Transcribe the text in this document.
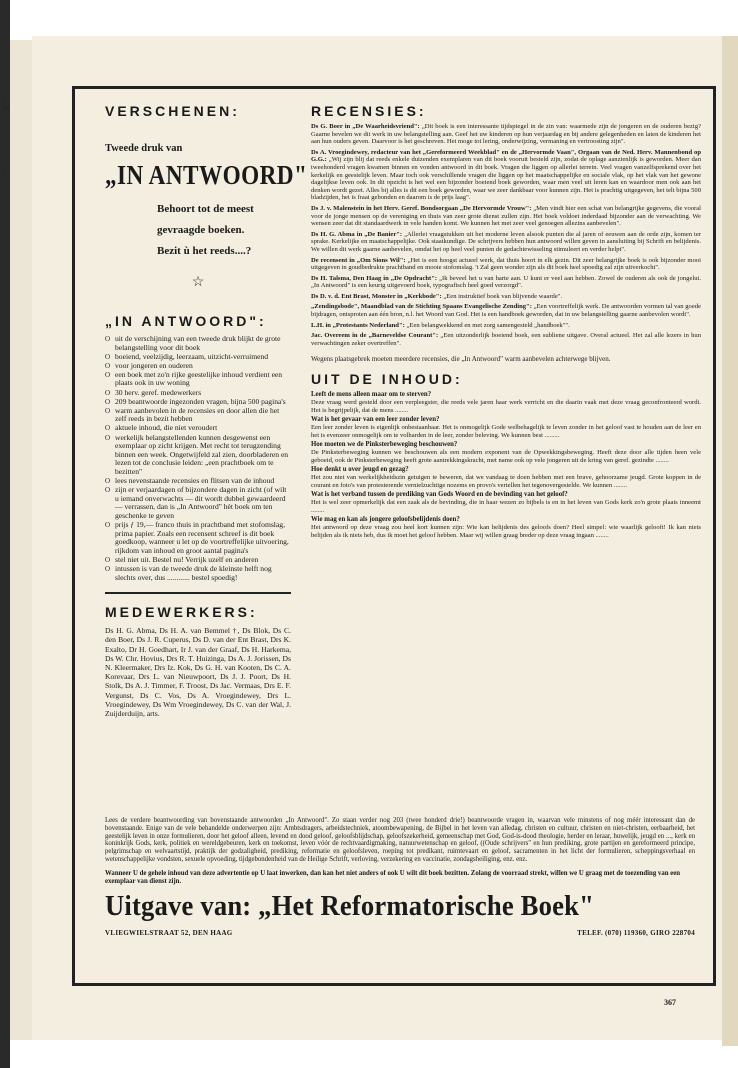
t,
De
t.
VERSCHENEN:
Tweede druk van
„IN ANTWOORD"
Behoort tot de meest
gevraagde boeken.
Bezit ù het reeds....?
☆
„IN ANTWOORD":
O uit de verschijning van een tweede druk blijkt de grote belangstelling voor dit boek
O boeiend, veelzijdig, leerzaam, uitzicht-verruimend
O voor jongeren en ouderen
O een boek met zo'n rijke geestelijke inhoud verdient een plaats ook in uw woning
O 30 herv. geref. medewerkers
O 209 beantwoorde ingezonden vragen, bijna 500 pagina's
O warm aanbevolen in de recensies en door allen die het zelf reeds in bezit hebben
O aktuele inhoud, die niet veroudert
O werkelijk belangstellenden kunnen desgewenst een exemplaar op zicht krijgen. Met recht tot terugzending binnen een week. Ongetwijfeld zal zien, doorbladeren en lezen tot de conclusie leiden: „een prachtboek om te bezitten"
O lees nevenstaande recensies en flitsen van de inhoud
O zijn er verjaardagen of bijzondere dagen in zicht (of wilt u iemand onverwachts — dit wordt dubbel gewaardeerd — verrassen, dan is „In Antwoord" hèt boek om ten geschenke te geven
O prijs ƒ 19,— franco thuis in prachtband met stofomslag, prima papier. Zoals een recensent schreef is dit boek goedkoop, wanneer u let op de voortreffelijke uitvoering, rijkdom van inhoud en groot aantal pagina's
O stel niet uit. Bestel nu! Verrijk uzelf en anderen
O intussen is van de tweede druk de kleinste helft nog slechts over, dus ............ bestel spoedig!
MEDEWERKERS:
Ds H. G. Abma, Ds H. A. van Bemmel †, Ds Blok, Ds C. den Boer, Ds J. R. Cuperus, Ds D. van der Ent Brast, Drs K. Exalto, Dr H. Goedhart, Ir J. van der Graaf, Ds H. Harkema, Ds W. Chr. Hovius, Drs R. T. Huizinga, Ds A. J. Jorissen, Ds N. Kleermaker, Drs Iz. Kok, Ds G. H. van Kooten, Ds C. A. Korevaar, Drs L. van Nieuwpoort, Ds J. J. Poort, Ds H. Stolk, Ds A. J. Timmer, F. Troost, Ds Jac. Vermaas, Drs E. F. Vergunst, Ds C. Vos, Ds A. Vroegindewey, Drs L. Vroegindewey, Ds Wm Vroegindewey, Ds C. van der Wal, J. Zuijderduijn, arts.
RECENSIES:

Ds G. Boer in „De Waarheidsvriend": „Dit boek is een interessante tijdspiegel in de zin van: waarmede zijn de jongeren en de ouderen bezig? Gaarne bevelen we dit werk in uw belangstelling aan. Geef het uw kinderen op hun verjaardag en bij andere gelegenheden en laten de kinderen het aan hun ouders geven. Daarvoor is het geschreven. Het moge tot lering, onderwijzing, vermaning en vertroosting zijn".

Ds A. Vroegindewey, redacteur van het „Gereformeerd Weekblad" en de „Hervormde Vaan", Orgaan van de Ned. Herv. Mannenbond op G.G.: „Wij zijn blij dat reeds enkele duizenden exemplaren van dit boek vooruit besteld zijn, zodat de oplage aanzienlijk is geworden. Meer dan tweehonderd vragen kwamen binnen en vonden antwoord in dit boek. Vragen die liggen op allerlei terrein. Veel vragen vanzelfsprekend over het kerkelijk en geestelijk leven. Maar toch ook verschillende vragen die liggen op het maatschappelijke en sociale vlak, op het vlak van het gewone dagelijkse leven ook. In dit opzicht is het wel een bijzonder boeiend boek geworden, waar men veel uit leren kan en waardoor men ook aan het denken wordt gezet. Alles bij alles is dit een boek geworden, waar we zeer dankbaar voor kunnen zijn. Het is prachtig uitgegeven, het telt bijna 500 bladzijden, het is fraai gebonden en daarom is de prijs laag".

Ds J. v. Malenstein in het Herv. Geref. Bondsorgaan „De Hervormde Vrouw": „Men vindt hier een schat van belangrijke gegevens, die vooral voor de jonge mensen op de vereniging en thuis van zeer grote dienst zullen zijn. Het boek voldoet inderdaad bijzonder aan de verwachting. We wensen zeer dat dit standaardwerk in vele handen komt. We kunnen het met zeer veel genoegen allezins aanbevelen".

Ds H. G. Abma in „De Banier": „Allerlei vraagstukken uit het moderne leven alsook punten die al jaren of eeuwen aan de orde zijn, komen ter sprake. Kerkelijke en maatschappelijke. Ook staatkundige. De schrijvers hebben hun antwoord willen geven in aansluiting bij Schrift en belijdenis. We willen dit werk gaarne aanbevelen, omdat het op heel veel punten de gedachtewisseling stimuleert en verder helpt".

De recensent in „Om Sions Wil": „Het is een hoogst actueel werk, dat thuis hoort in elk gezin. Dit zeer belangrijke boek is ook bijzonder mooi uitgegeven in goudbedrukte prachtband en mooie stofomslag. 't Zal geen wonder zijn als dit boek heel spoedig zal zijn uitverkocht".

Ds H. Talsma, Den Haag in „De Opdracht": „Ik beveel het u van harte aan. U kunt er veel aan hebben. Zowel de ouderen als ook de jongelui. „In Antwoord" is een keurig uitgevoerd boek, typografisch heel goed verzorgd".

Ds D. v. d. Ent Brast, Monster in „Kerkbode": „Een instruktief boek van blijvende waarde".

„Zendingsbode", Maandblad van de Stichting Spaans Evangelische Zending": „Een voortreffelijk werk. De antwoorden vormen tal van goede bijdragen, ontsproten aan één bron, n.l. het Woord van God. Het is een handboek geworden, dat in uw belangstelling gaarne aanbevolen wordt".

L.H. in „Protestants Nederland": „Een belangwekkend en met zorg samengesteld „handboek"".

Jac. Overeem in de „Barneveldse Courant": „Een uitzonderlijk boeiend boek, een subliene uitgave. Overal actueel. Het zal alle lezers in hun verwachtingen zeker overtreffen".

Wegens plaatsgebrek moeten meerdere recensies, die „In Antwoord" warm aanbevelen achterwege blijven.

UIT DE INHOUD:

Leeft de mens alleen maar om te sterven?

Deze vraag werd gesteld door een verpleegster, die reeds vele jaren haar werk verricht en die daarin vaak met deze vraag geconfronteerd wordt. Het is begrijpelijk, dat de mens ........

Wat is het gevaar van een leer zonder leven?

Een leer zonder leven is eigenlijk onbestaanbaar. Het is onmogelijk Gode welbehagelijk te leven zonder in het geloof vast te houden aan de leer en het is evenzeer onmogelijk om te volharden in de leer, zonder beleving. We kunnen best .........

Hoe moeten we de Pinksterbeweging beschouwen?

De Pinksterbeweging kunnen we beschouwen als een modern exponent van de Opwekkingsbeweging. Heeft deze door alle tijden heen vele geboeid, ook de Pinksterbeweging heeft grote aantrekkingskracht, met name ook op vele jongeren uit de kring van geref. gezindte ........

Hoe denkt u over jeugd en gezag?

Het zou niet van werkelijkheidszin getuigen te beweren, dat we vandaag te doen hebben met een brave, gehoorzame jeugd. Grote koppen in de courant en foto's van protesterende vernielzuchtige nozems en provo's vertellen het tegenovergestelde. We kunnen ........

Wat is het verband tussen de prediking van Gods Woord en de bevinding van het geloof?

Het is wel zeer opmerkelijk dat een zaak als de bevinding, die in haar wezen zo bijbels is en in het leven van Gods kerk zo'n grote plaats inneemt ........

Wie mag en kan als jongere geloofsbelijdenis doen?

Het antwoord op deze vraag zou heel kort kunnen zijn: Wie kan belijdenis des geloofs doen? Heel simpel: wie waarlijk gelooft! Ik kan niets belijden als ik niets heb, dus ik moet het geloof hebben. Maar wij willen graag breder op deze vraag ingaan ........

Lees de verdere beantwoording van bovenstaande antwoorden „In Antwoord". Zo staan verder nog 203 (twee honderd drie!) beantwoorde vragen in, waarvan vele minstens of nog méér interessant dan de bovenstaande. Enige van de vele behandelde onderwerpen zijn: Ambtsdragers, arbeidstechniek, atoombewapening, de Bijbel in het leven van alledag, christen en cultuur, christen en niet-christen, eerbaarheid, het geestelijk leven in onze formulieren, door het geloof alleen, levend en dood geloof, geloofsblijdschap, geloofszekerheid, gemeenschap met God, God-is-dood theologie, herder en leraar, huwelijk, jeugd en ..., kerk en koninkrijk Gods, kerk, politiek en wereldgebeuren, kerk en toekomst, leven vóór de rechtvaardigmaking, natuurwetenschap en geloof, ((Oude schrijvers" en hun prediking, grote partijen en gereformeerd principe, pelgrimschap en welvaartstijd, praktijk der godzaligheid, prediking, reformatie en geloofsleven, roeping tot predikant, ruimtevaart en geloof, sacramenten in het licht der formulieren, scheppingsverhaal en wetenschappelijke vondsten, sexuele opvoeding, tijdgebondenheid van de Heilige Schrift, verloving, verzekering en vaccinatie, zondagsheiliging, enz. enz.

Wanneer U de gehele inhoud van deze advertentie op U laat inwerken, dan kan het niet anders of ook U wilt dit boek bezitten. Zolang de voorraad strekt, willen we U graag met de toezending van een exemplaar van dienst zijn.

Uitgave van: „Het Reformatorische Boek"
VLIEGWIELSTRAAT 52, DEN HAAG	TELEF. (070) 119360, GIRO 228704
367
